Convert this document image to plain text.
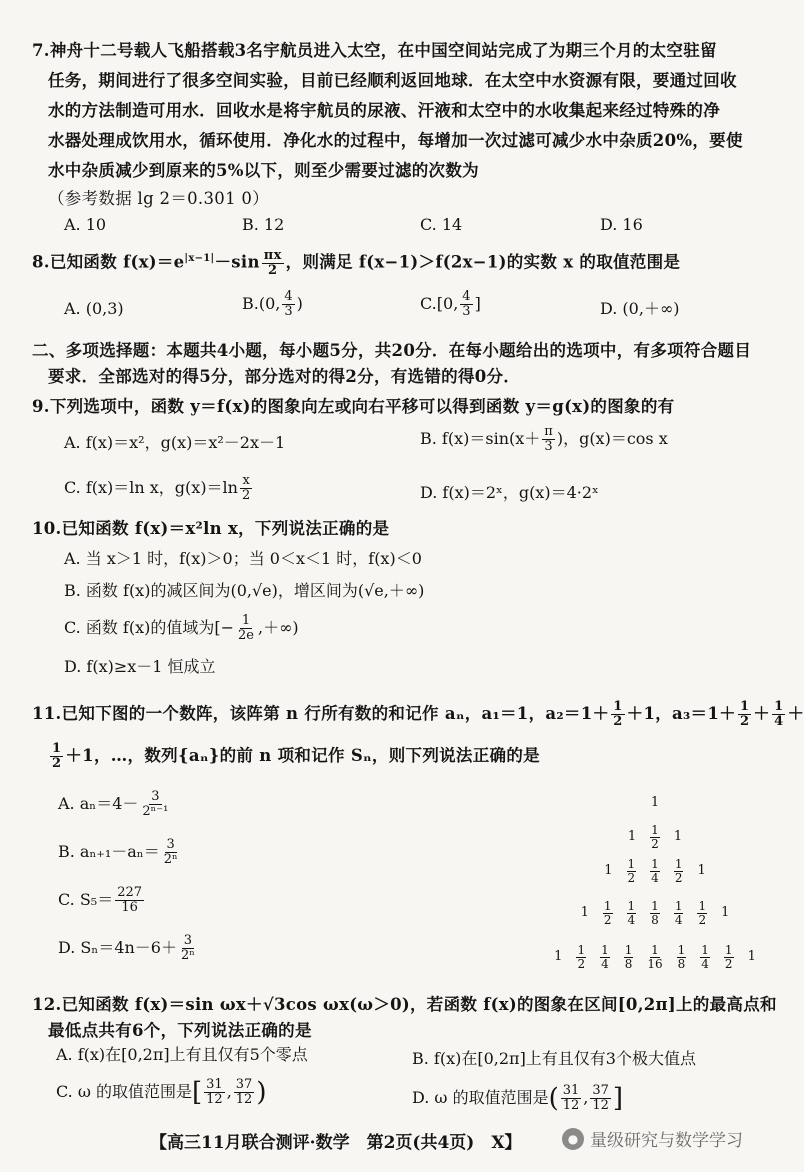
7.神舟十二号载人飞船搭载3名宇航员进入太空，在中国空间站完成了为期三个月的太空驻留
任务，期间进行了很多空间实验，目前已经顺利返回地球．在太空中水资源有限，要通过回收
水的方法制造可用水．回收水是将宇航员的尿液、汗液和太空中的水收集起来经过特殊的净
水器处理成饮用水，循环使用．净化水的过程中，每增加一次过滤可减少水中杂质20%，要使
水中杂质减少到原来的5%以下，则至少需要过滤的次数为
（参考数据 lg 2＝0.301 0）
A. 10	B. 12	C. 14	D. 16
8.已知函数 $f(x)=e^{|x-1|}-\sin \frac{\pi x}{2}$ ，则满足 f(x−1)＞f(2x−1)的实数 x 的取值范围是
A. (0,3)	B.(0, $\frac{4}{3}$ )	C.[0, $\frac{4}{3}$ ]	D. (0,＋∞)
二、多项选择题：本题共4小题，每小题5分，共20分．在每小题给出的选项中，有多项符合题目
要求．全部选对的得5分，部分选对的得2分，有选错的得0分．
9.下列选项中，函数 y＝f(x)的图象向左或向右平移可以得到函数 y＝g(x)的图象的有
A. f(x)＝x²，g(x)＝x²－2x－1	B. $f(x)=\sin(x+ \frac{\pi}{3}$ )，g(x)＝cos x
C. f(x)＝ln x，$g(x)=\ln \frac{x}{2}$	D. f(x)＝2ˣ，g(x)＝4·2ˣ
10.已知函数 f(x)＝x²ln x，下列说法正确的是
A. 当 x＞1 时，f(x)＞0；当 0＜x＜1 时，f(x)＜0
B. 函数 f(x)的减区间为(0,√e)，增区间为(√e,＋∞)
C. 函数 f(x)的值域为[− $\frac{1}{2e}$ ,＋∞)
D. f(x)≥x－1 恒成立
11.已知下图的一个数阵，该阵第 n 行所有数的和记作 aₙ，a₁＝1，$a_2=1+ \frac{1}{2} +1$，$a_3=1+ \frac{1}{2} + \frac{1}{4}$ ＋
$\frac{1}{2} +1$，…，数列{aₙ}的前 n 项和记作 Sₙ，则下列说法正确的是
A. $a_n=4- \frac{3}{\text{2ⁿ⁻¹}}$
B. $a_{n+1}-a_n= \frac{3}{\text{2ⁿ}}$
C. $S_5= \frac{227}{16}$
D. $S_n=4n-6+ \frac{3}{\text{2ⁿ}}$
1
$1 \frac{1}{2} 1$
$1 \frac{1}{2} \frac{1}{4} \frac{1}{2} 1$
$1 \frac{1}{2} \frac{1}{4} \frac{1}{8} \frac{1}{4} \frac{1}{2} 1$
$1 \frac{1}{2} \frac{1}{4} \frac{1}{8} \frac{1}{16} \frac{1}{8} \frac{1}{4} \frac{1}{2} 1$
12.已知函数 f(x)＝sin ωx＋√3cos ωx(ω＞0)，若函数 f(x)的图象在区间[0,2π]上的最高点和
最低点共有6个，下列说法正确的是
A. f(x)在[0,2π]上有且仅有5个零点	B. f(x)在[0,2π]上有且仅有3个极大值点
C. ω 的取值范围是[ $\frac{31}{12}$ , $\frac{37}{12}$ )	D. ω 的取值范围是( $\frac{31}{12}$ , $\frac{37}{12}$ ]
【高三11月联合测评·数学　第2页(共4页)　X】	● 量级研究与数学学习
